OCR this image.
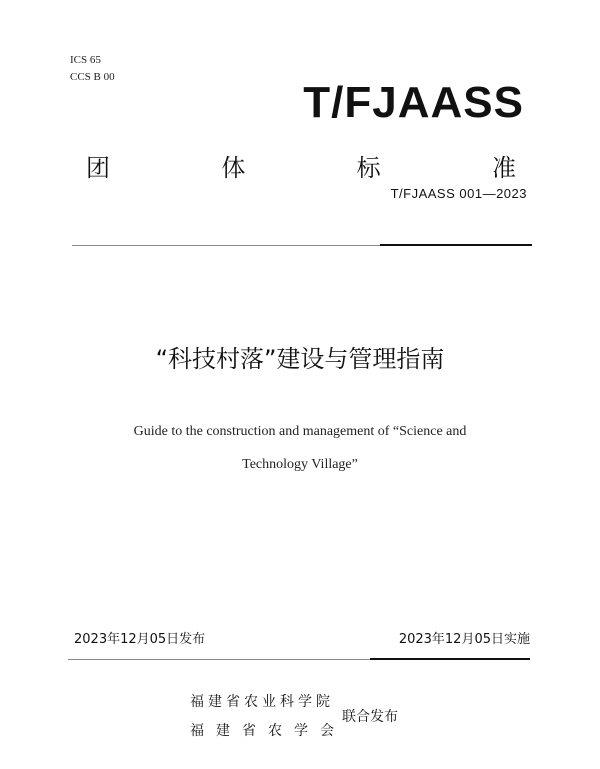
ICS 65
CCS B 00
T/FJAASS
团	体	标	准
T/FJAASS 001—2023
“科技村落”建设与管理指南
Guide to the construction and management of “Science and
Technology Village”
2023年12月05日发布	2023年12月05日实施
福建省农业科学院
福建省农学会
联合发布
